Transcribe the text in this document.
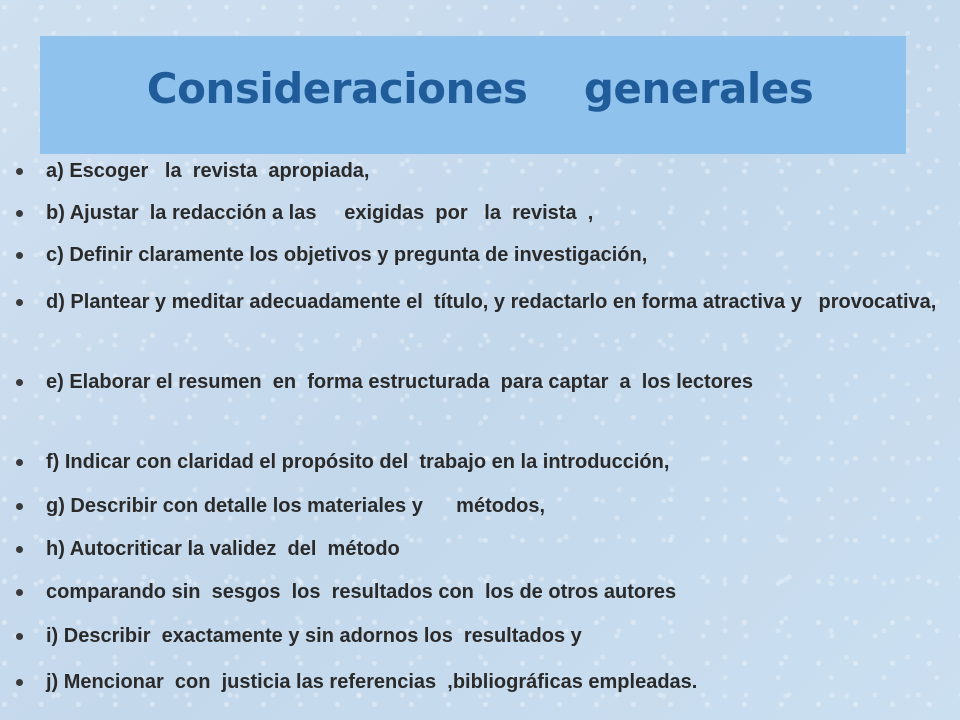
Consideraciones    generales
a) Escoger   la  revista  apropiada,
b) Ajustar  la redacción a las     exigidas  por   la  revista  ,
c) Definir claramente los objetivos y pregunta de investigación,
d) Plantear y meditar adecuadamente el  título, y redactarlo en forma atractiva y   provocativa,
e) Elaborar el resumen  en  forma estructurada  para captar  a  los lectores
f) Indicar con claridad el propósito del  trabajo en la introducción,
g) Describir con detalle los materiales y      métodos,
h) Autocriticar la validez  del  método
comparando sin  sesgos  los  resultados con  los de otros autores
i) Describir  exactamente y sin adornos los  resultados y
j) Mencionar  con  justicia las referencias  ,bibliográficas empleadas.
